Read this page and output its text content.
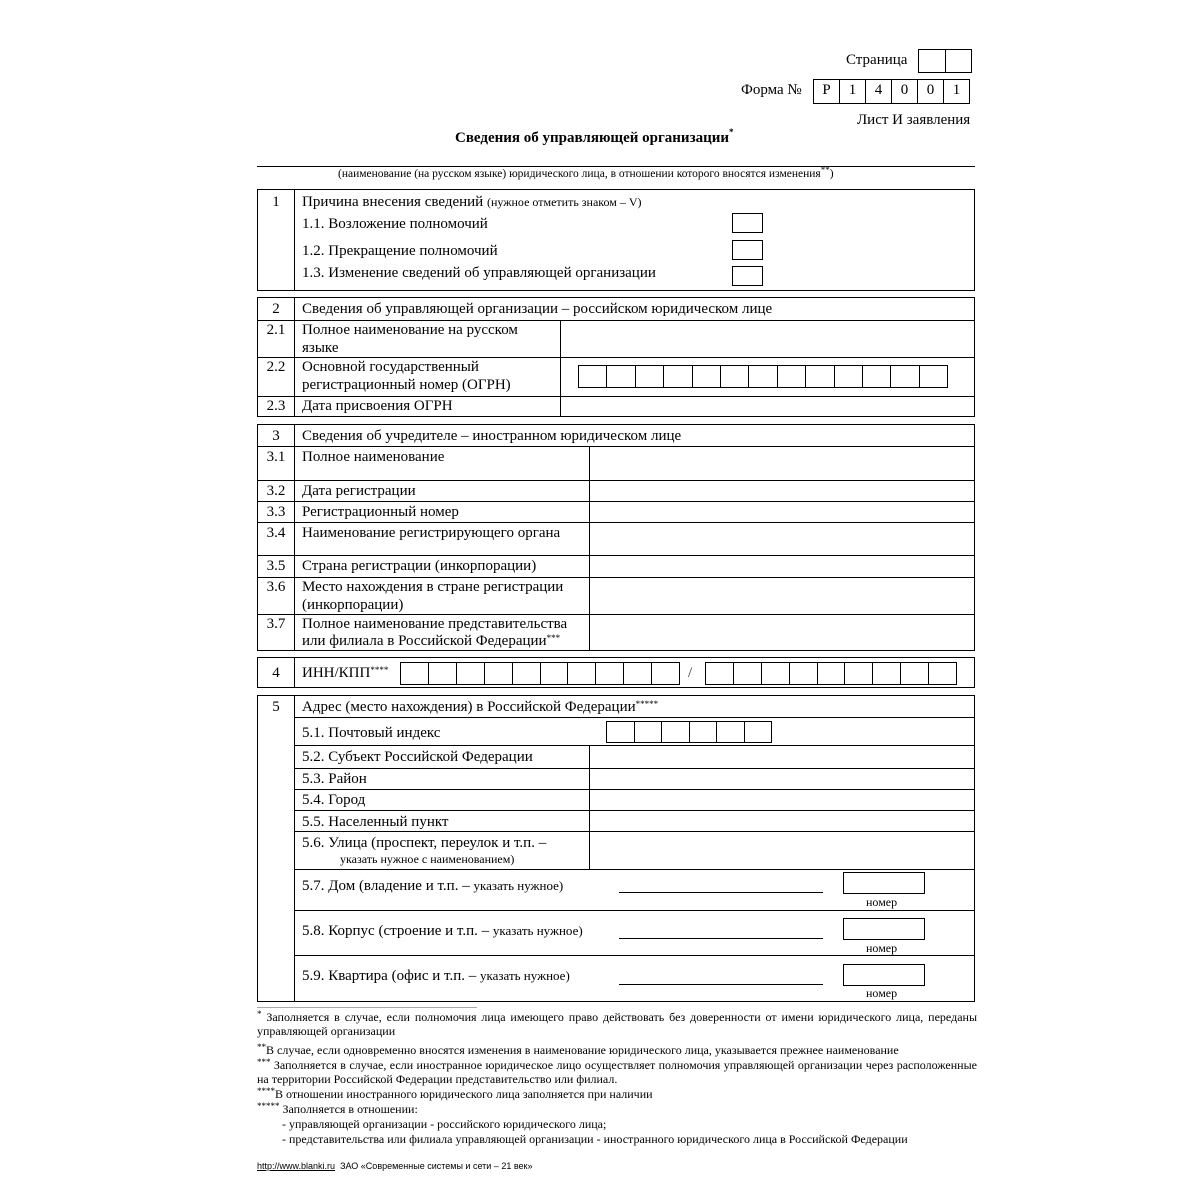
Страница
Форма №	Р	1	4	0	0	1
Лист И заявления
Сведения об управляющей организации*
(наименование (на русском языке) юридического лица, в отношении которого вносятся изменения**)
1	Причина внесения сведений (нужное отметить знаком – V)
1.1. Возложение полномочий
1.2. Прекращение полномочий
1.3. Изменение сведений об управляющей организации
2	Сведения об управляющей организации – российском юридическом лице
2.1	Полное наименование на русском
языке
2.2	Основной государственный
регистрационный номер (ОГРН)
2.3	Дата присвоения ОГРН
3	Сведения об учредителе – иностранном юридическом лице
3.1	Полное наименование
3.2	Дата регистрации
3.3	Регистрационный номер
3.4	Наименование регистрирующего органа
3.5	Страна регистрации (инкорпорации)
3.6	Место нахождения в стране регистрации
(инкорпорации)
3.7	Полное наименование представительства
или филиала в Российской Федерации***
4	ИНН/КПП****	/
5	Адрес (место нахождения) в Российской Федерации*****
5.1. Почтовый индекс
5.2. Субъект Российской Федерации
5.3. Район
5.4. Город
5.5. Населенный пункт
5.6. Улица (проспект, переулок и т.п. –
указать нужное с наименованием)
5.7. Дом (владение и т.п. – указать нужное)
номер
5.8. Корпус (строение и т.п. – указать нужное)
номер
5.9. Квартира (офис и т.п. – указать нужное)
номер
* Заполняется в случае, если полномочия лица имеющего право действовать без доверенности от имени юридического лица, переданы управляющей организации
**В случае, если одновременно вносятся изменения в наименование юридического лица, указывается прежнее наименование
*** Заполняется в случае, если иностранное юридическое лицо осуществляет полномочия управляющей организации через расположенные на территории Российской Федерации представительство или филиал.
****В отношении иностранного юридического лица заполняется при наличии
***** Заполняется в отношении:
- управляющей организации - российского юридического лица;
- представительства или филиала управляющей организации - иностранного юридического лица в Российской Федерации
http://www.blanki.ru ЗАО «Современные системы и сети – 21 век»
